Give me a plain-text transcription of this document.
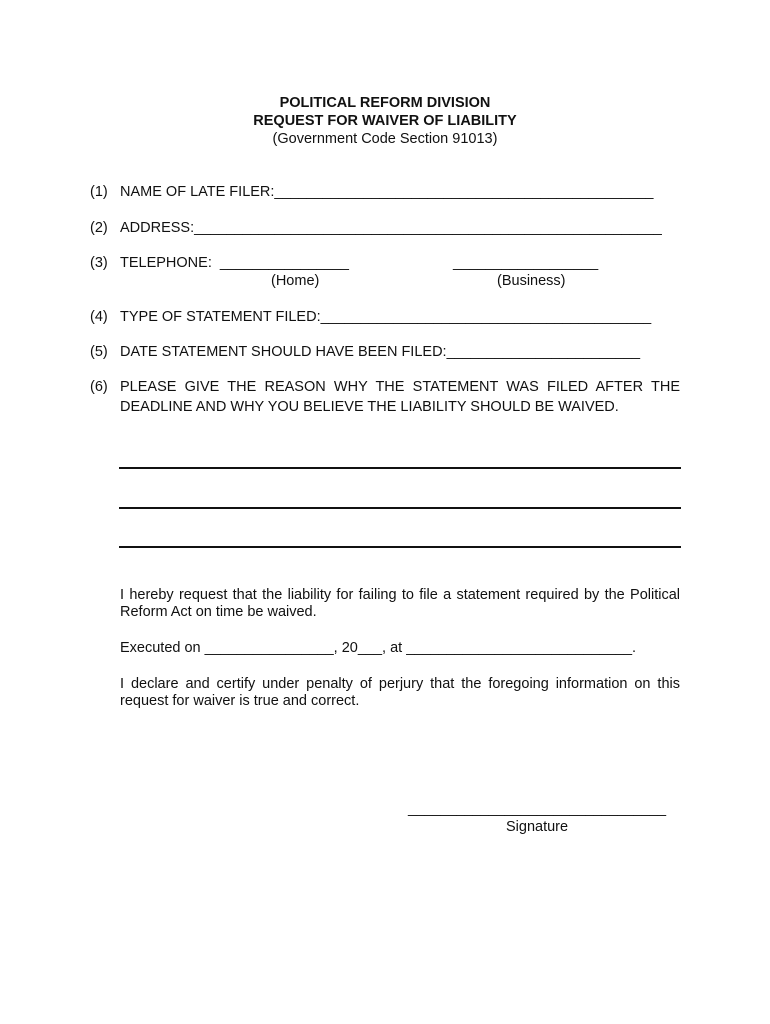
POLITICAL REFORM DIVISION
REQUEST FOR WAIVER OF LIABILITY
(Government Code Section 91013)
(1) NAME OF LATE FILER:_______________________________________________
(2) ADDRESS:__________________________________________________________
(3) TELEPHONE:  ________________	__________________
(Home)	(Business)
(4) TYPE OF STATEMENT FILED:_________________________________________
(5) DATE STATEMENT SHOULD HAVE BEEN FILED:________________________
(6) PLEASE GIVE THE REASON WHY THE STATEMENT WAS FILED AFTER THE
DEADLINE AND WHY YOU BELIEVE THE LIABILITY SHOULD BE WAIVED.
I hereby request that the liability for failing to file a statement required by the Political Reform Act on time be waived.
Executed on ________________, 20___, at ____________________________.
I declare and certify under penalty of perjury that the foregoing information on this request for waiver is true and correct.
________________________________
Signature
